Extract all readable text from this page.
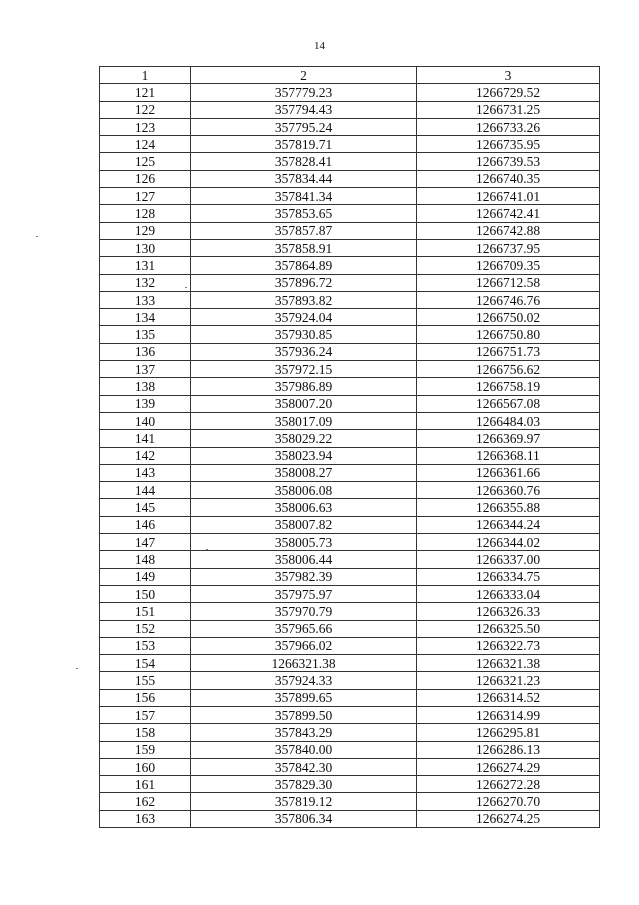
14
1	2	3
121	357779.23	1266729.52
122	357794.43	1266731.25
123	357795.24	1266733.26
124	357819.71	1266735.95
125	357828.41	1266739.53
126	357834.44	1266740.35
127	357841.34	1266741.01
128	357853.65	1266742.41
129	357857.87	1266742.88
130	357858.91	1266737.95
131	357864.89	1266709.35
132	357896.72	1266712.58
133	357893.82	1266746.76
134	357924.04	1266750.02
135	357930.85	1266750.80
136	357936.24	1266751.73
137	357972.15	1266756.62
138	357986.89	1266758.19
139	358007.20	1266567.08
140	358017.09	1266484.03
141	358029.22	1266369.97
142	358023.94	1266368.11
143	358008.27	1266361.66
144	358006.08	1266360.76
145	358006.63	1266355.88
146	358007.82	1266344.24
147	358005.73	1266344.02
148	358006.44	1266337.00
149	357982.39	1266334.75
150	357975.97	1266333.04
151	357970.79	1266326.33
152	357965.66	1266325.50
153	357966.02	1266322.73
154	1266321.38	1266321.38
155	357924.33	1266321.23
156	357899.65	1266314.52
157	357899.50	1266314.99
158	357843.29	1266295.81
159	357840.00	1266286.13
160	357842.30	1266274.29
161	357829.30	1266272.28
162	357819.12	1266270.70
163	357806.34	1266274.25
